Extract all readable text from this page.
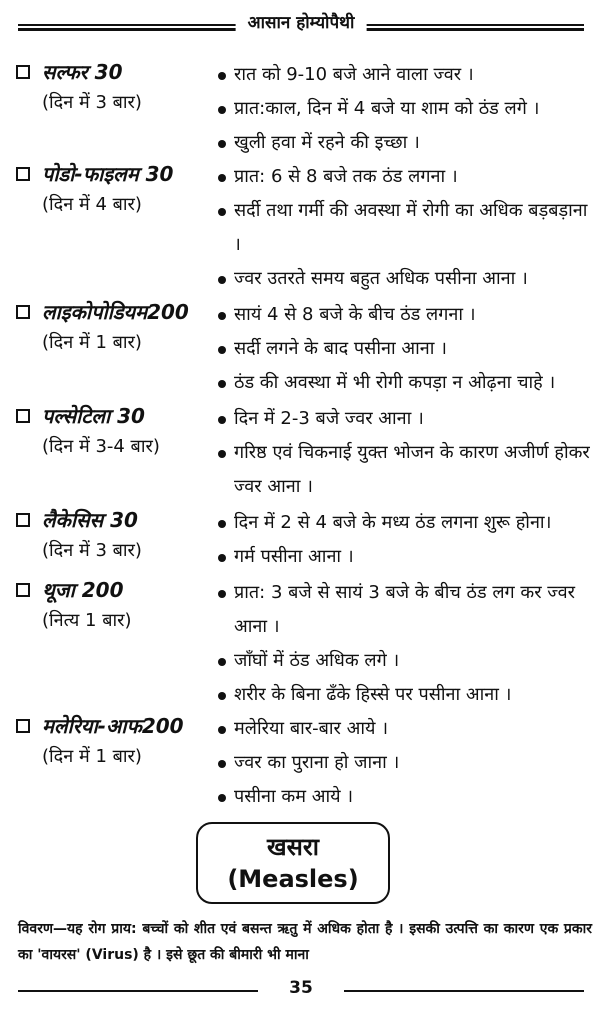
आसान होम्योपैथी
सल्फर 30
(दिन में 3 बार)
रात को 9-10 बजे आने वाला ज्वर ।
प्रात:काल, दिन में 4 बजे या शाम को ठंड लगे ।
खुली हवा में रहने की इच्छा ।
पोडो-फाइलम 30
(दिन में 4 बार)
प्रात: 6 से 8 बजे तक ठंड लगना ।
सर्दी तथा गर्मी की अवस्था में रोगी का अधिक बड़बड़ाना ।
ज्वर उतरते समय बहुत अधिक पसीना आना ।
लाइकोपोडियम200
(दिन में 1 बार)
सायं 4 से 8 बजे के बीच ठंड लगना ।
सर्दी लगने के बाद पसीना आना ।
ठंड की अवस्था में भी रोगी कपड़ा न ओढ़ना चाहे ।
पल्सेटिला 30
(दिन में 3-4 बार)
दिन में 2-3 बजे ज्वर आना ।
गरिष्ठ एवं चिकनाई युक्त भोजन के कारण अजीर्ण होकर ज्वर आना ।
लैकेसिस 30
(दिन में 3 बार)
दिन में 2 से 4 बजे के मध्य ठंड लगना शुरू होना।
गर्म पसीना आना ।
थूजा 200
(नित्य 1 बार)
प्रात: 3 बजे से सायं 3 बजे के बीच ठंड लग कर ज्वर आना ।
जाँघों में ठंड अधिक लगे ।
शरीर के बिना ढँके हिस्से पर पसीना आना ।
मलेरिया-आफ200
(दिन में 1 बार)
मलेरिया बार-बार आये ।
ज्वर का पुराना हो जाना ।
पसीना कम आये ।
खसरा
(Measles)
विवरण—यह रोग प्राय: बच्चों को शीत एवं बसन्त ऋतु में अधिक होता है । इसकी उत्पत्ति का कारण एक प्रकार का 'वायरस' (Virus) है । इसे छूत की बीमारी भी माना
35
